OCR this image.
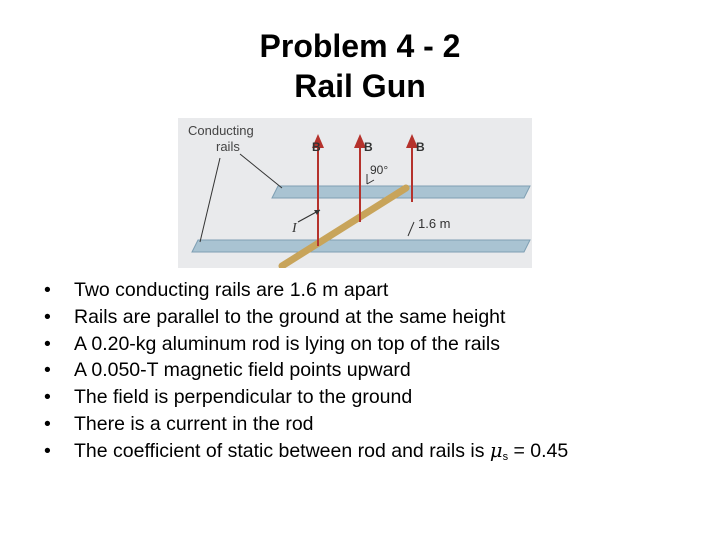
Problem 4 - 2
Rail Gun
Conducting
rails	B	B	B
90°
1.6 m
I
• Two conducting rails are 1.6 m apart
• Rails are parallel to the ground at the same height
• A 0.20-kg aluminum rod is lying on top of the rails
• A 0.050-T magnetic field points upward
• The field is perpendicular to the ground
• There is a current in the rod
• The coefficient of static between rod and rails is $\mu_s = 0.45$
